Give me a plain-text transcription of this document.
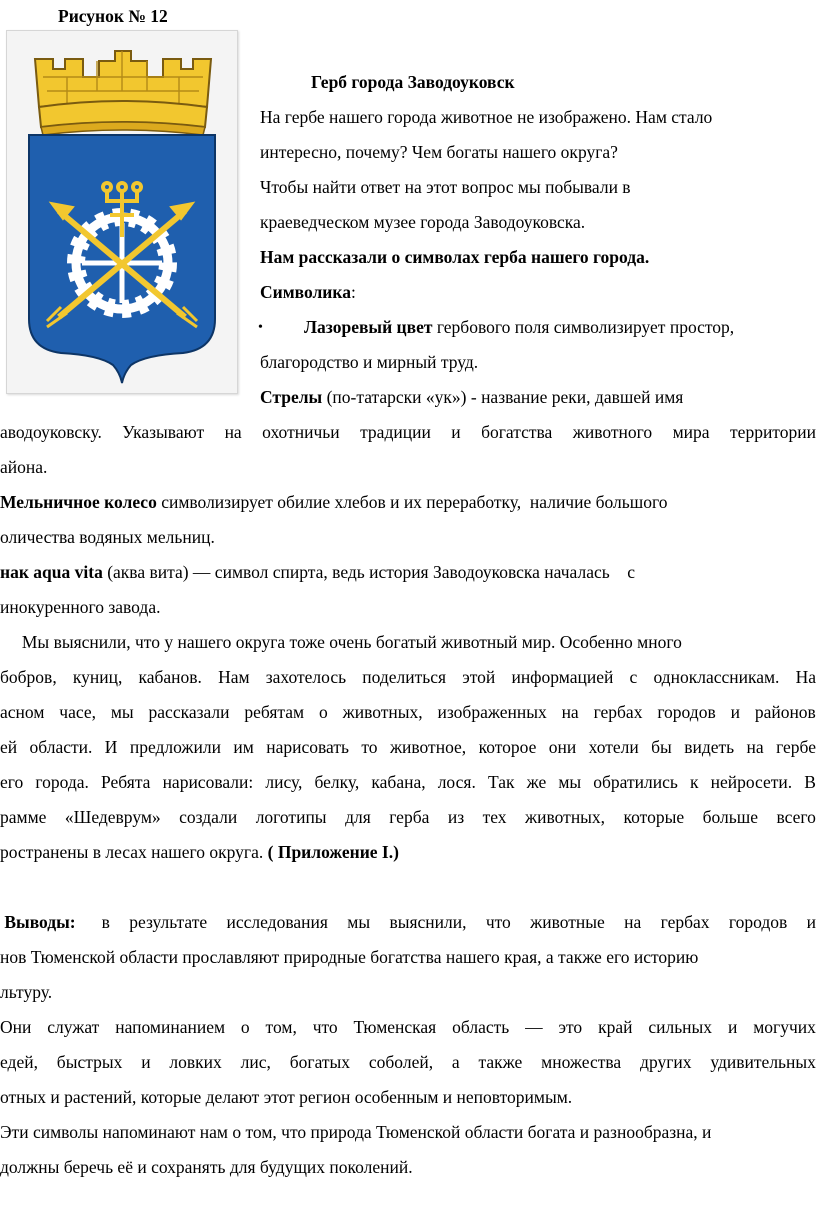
Рисунок № 12
Герб города Заводоуковск
На гербе нашего города животное не изображено. Нам стало
интересно, почему? Чем богаты нашего округа?
Чтобы найти ответ на этот вопрос мы побывали в
краеведческом музее города Заводоуковска.
Нам рассказали о символах герба нашего города.
Символика:
• Лазоревый цвет гербового поля символизирует простор,
благородство и мирный труд.
Стрелы (по-татарски «ук») - название реки, давшей имя
аводоуковску. Указывают на охотничьи традиции и богатства животного мира территории
айона.
Мельничное колесо символизирует обилие хлебов и их переработку,  наличие большого
оличества водяных мельниц.
нак aqua vita (аква вита) — символ спирта, ведь история Заводоуковска началась    с
инокуренного завода.
Мы выяснили, что у нашего округа тоже очень богатый животный мир. Особенно много
бобров, куниц, кабанов. Нам захотелось поделиться этой информацией с одноклассникам. На
асном часе, мы рассказали ребятам о животных, изображенных на гербах городов и районов
ей области. И предложили им нарисовать то животное, которое они хотели бы видеть на гербе
его города. Ребята нарисовали: лису, белку, кабана, лося. Так же мы обратились к нейросети. В
рамме «Шедеврум» создали логотипы для герба из тех животных, которые больше всего
ространены в лесах нашего округа. ( Приложение I.)
Выводы: в результате исследования мы выяснили, что животные на гербах городов и
нов Тюменской области прославляют природные богатства нашего края, а также его историю
льтуру.
Они служат напоминанием о том, что Тюменская область — это край сильных и могучих
едей, быстрых и ловких лис, богатых соболей, а также множества других удивительных
отных и растений, которые делают этот регион особенным и неповторимым.
Эти символы напоминают нам о том, что природа Тюменской области богата и разнообразна, и
должны беречь её и сохранять для будущих поколений.
